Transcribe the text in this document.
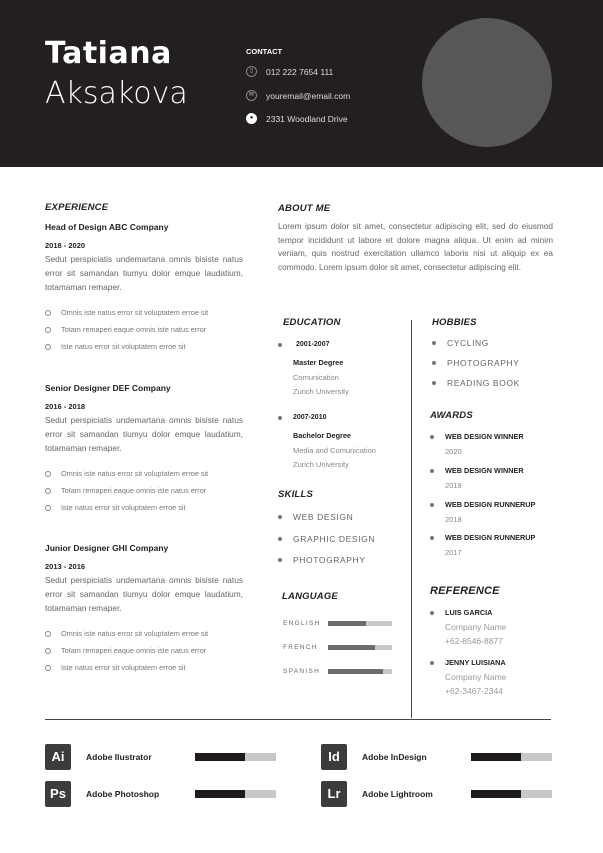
Tatiana
Aksakova
CONTACT
▯	012 222 7654 111
✉	youremail@email.com
●	2331 Woodland Drive
EXPERIENCE
Head of Design ABC Company
2018 - 2020
Sedut perspiciatis undemartana omnis bisiste natus error sit samandan tiumyu dolor emque laudatium, totamaman remaper.
Omnis iste natus error sit voluptatem erroe sit
Totam remaperi eaque omnis iste natus error
Iste natus error sit voluptatem erroe sit
Senior Designer DEF Company
2016 - 2018
Sedut perspiciatis undemartana omnis bisiste natus error sit samandan tiumyu dolor emque laudatium, totamaman remaper.
Omnis iste natus error sit voluptatem erroe sit
Totam remaperi eaque omnis iste natus error
Iste natus error sit voluptatem erroe sit
Junior Designer GHI Company
2013 - 2016
Sedut perspiciatis undemartana omnis bisiste natus error sit samandan tiumyu dolor emque laudatium, totamaman remaper.
Omnis iste natus error sit voluptatem erroe sit
Totam remaperi eaque omnis iste natus error
Iste natus error sit voluptatem erroe sit
ABOUT ME
Lorem ipsum dolor sit amet, consectetur adipiscing elit, sed do eiusmod tempor incididunt ut labore et dolore magna aliqua. Ut enim ad minim veniam, quis nostrud exercitation ullamco laboris nisi ut aliquip ex ea commodo. Lorem ipsum dolor sit amet, consectetur adipiscing elit.
EDUCATION
2001-2007
Master Degree
Comunication
Zurich University
2007-2010
Bachelor Degree
Media and Comunication
Zurich University
SKILLS
WEB DESIGN
GRAPHIC DESIGN
PHOTOGRAPHY
LANGUAGE
ENGLISH
FRENCH
SPANISH
HOBBIES
CYCLING
PHOTOGRAPHY
READING BOOK
AWARDS
WEB DESIGN WINNER
2020
WEB DESIGN WINNER
2019
WEB DESIGN RUNNERUP
2018
WEB DESIGN RUNNERUP
2017
REFERENCE
LUIS GARCIA
Company Name
+62-8546-8877
JENNY LUISIANA
Company Name
+62-3467-2344
Ai	Adobe Ilustrator	Id	Adobe InDesign
Ps	Adobe Photoshop	Lr	Adobe Lightroom
